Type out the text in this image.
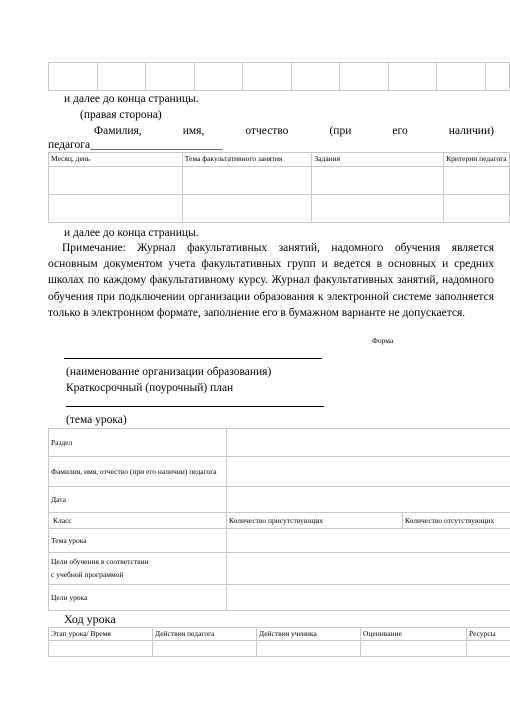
и далее до конца страницы.
(правая сторона)
Фамилия,	имя,	отчество	(при	его	наличии)
педагога_______________________
Месяц, день	Тема факультативного занятия	Задания	Критерии педагога

и далее до конца страницы.
Примечание: Журнал факультативных занятий, надомного обучения является основным документом учета факультативных групп и ведется в основных и средних школах по каждому факультативному курсу. Журнал факультативных занятий, надомного обучения при подключении организации образования к электронной системе заполняется только в электронном формате, заполнение его в бумажном варианте не допускается.
Форма
(наименование организации образования)
Краткосрочный (поурочный) план
(тема урока)
Раздел		
Фамилия, имя, отчество (при его наличии) педагога		
Дата		
Класс	Количество присутствующих	Количество отсутствующих
Тема урока		

Цели обучения в соответствии
с учебной программой		

Цели урока		
Ход урока
Этап урока/ Время	Действия педагога	Действия ученика	Оценивание	Ресурсы
